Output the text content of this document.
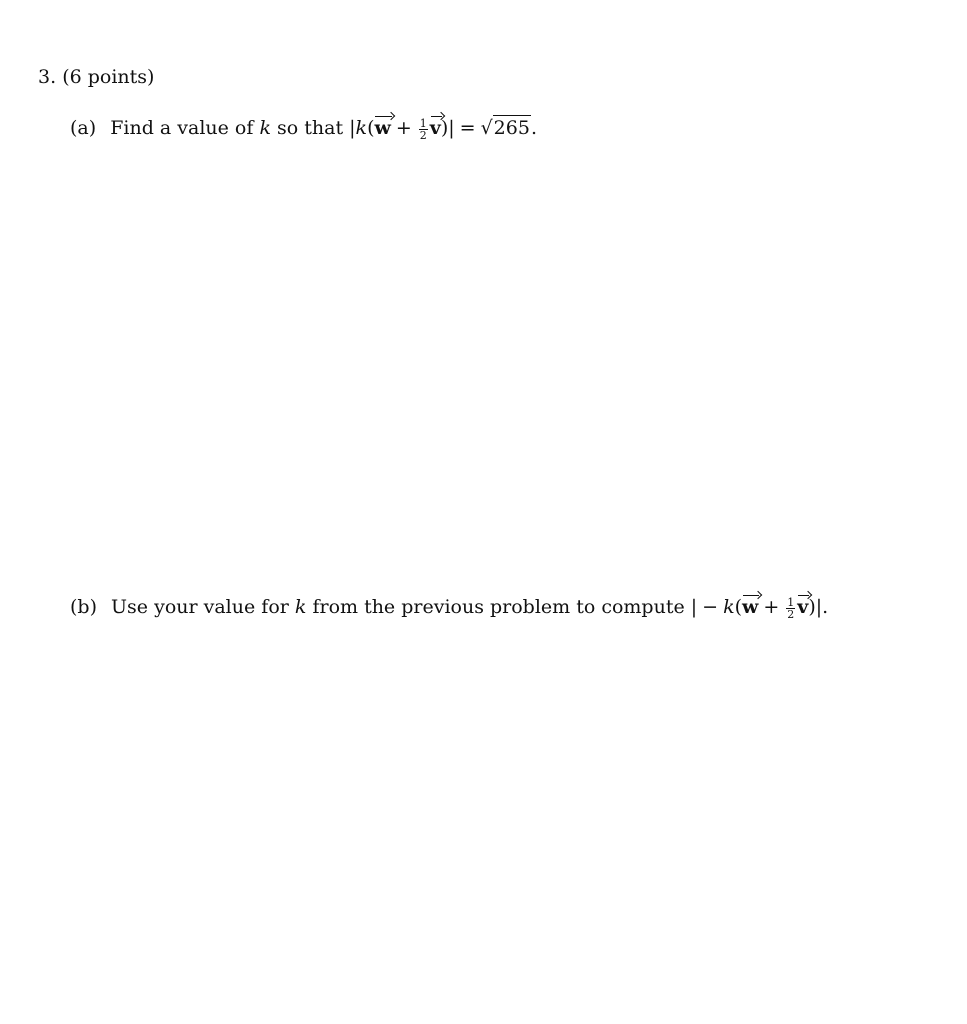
3. (6 points)
(a) Find a value of k so that $|k(w + \frac{1}{2} v)| = √265$.
(b) Use your value for k from the previous problem to compute | − $k(w + \frac{1}{2} v)|$.
